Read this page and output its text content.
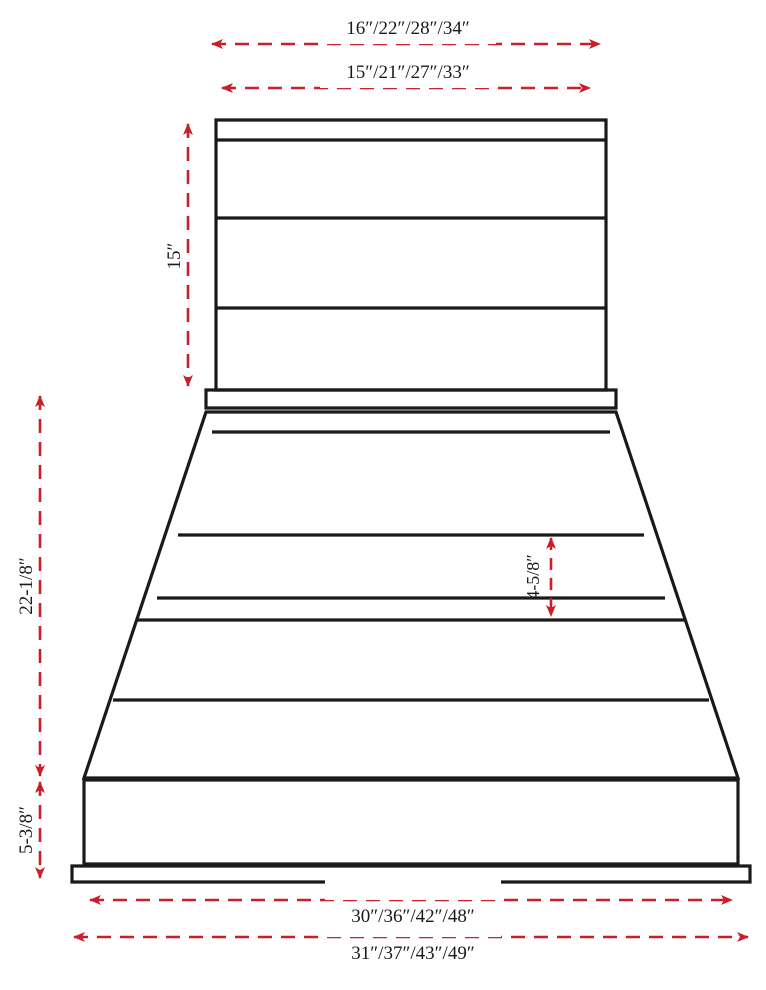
16″/22″/28″/34″
15″/21″/27″/33″
15″
22-1/8″
5-3/8″
4-5/8″
30″/36″/42″/48″
31″/37″/43″/49″
